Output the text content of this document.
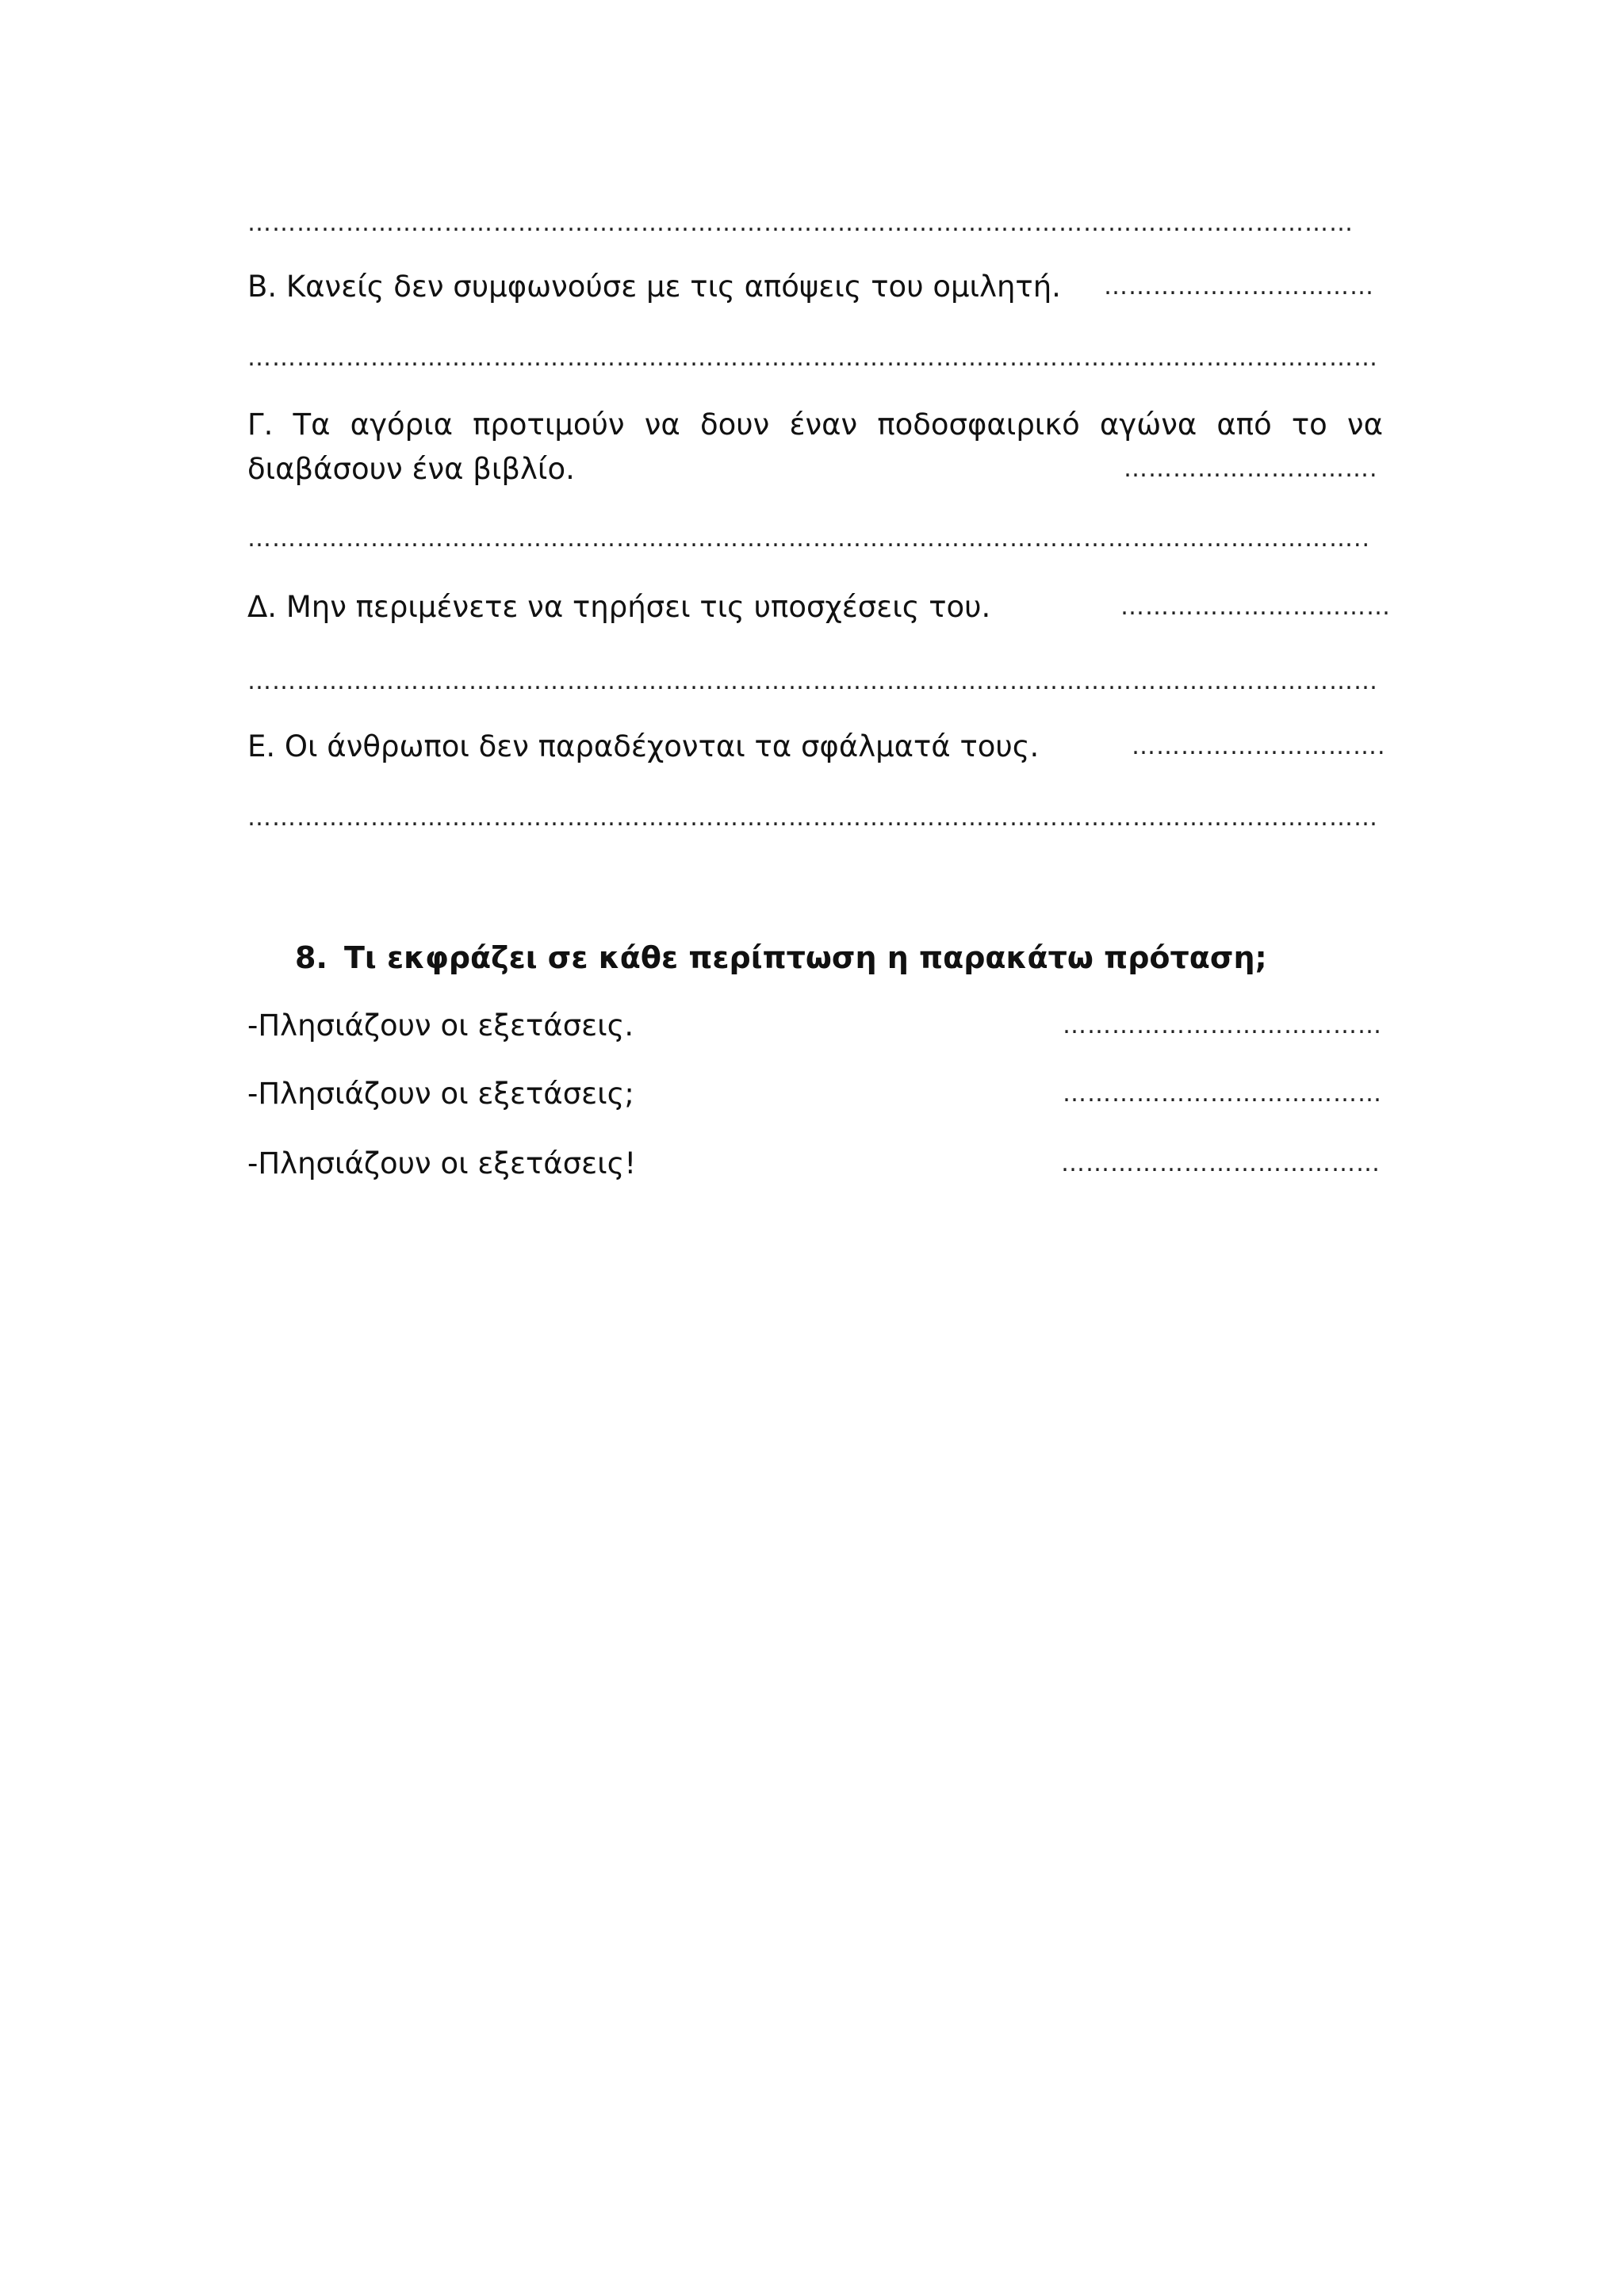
………………………………………………………………………………………………………………………
Β. Κανείς δεν συμφωνούσε με τις απόψεις του ομιλητή.	……………………………
…………………………………………………………………………………………………………………………
Γ. Τα αγόρια προτιμούν να δουν έναν ποδοσφαιρικό αγώνα από το να
διαβάσουν ένα βιβλίο.	………………………….
………………………………………………………………………………………………………………………..
Δ. Μην περιμένετε να τηρήσει τις υποσχέσεις του.	……………………………
…………………………………………………………………………………………………………………………
Ε. Οι άνθρωποι δεν παραδέχονται τα σφάλματά τους.	………………………….
…………………………………………………………………………………………………………………………
8. Τι εκφράζει σε κάθε περίπτωση η παρακάτω πρόταση;
-Πλησιάζουν οι εξετάσεις.	…………………………………
-Πλησιάζουν οι εξετάσεις;	…………………………………
-Πλησιάζουν οι εξετάσεις!	…………………………………
